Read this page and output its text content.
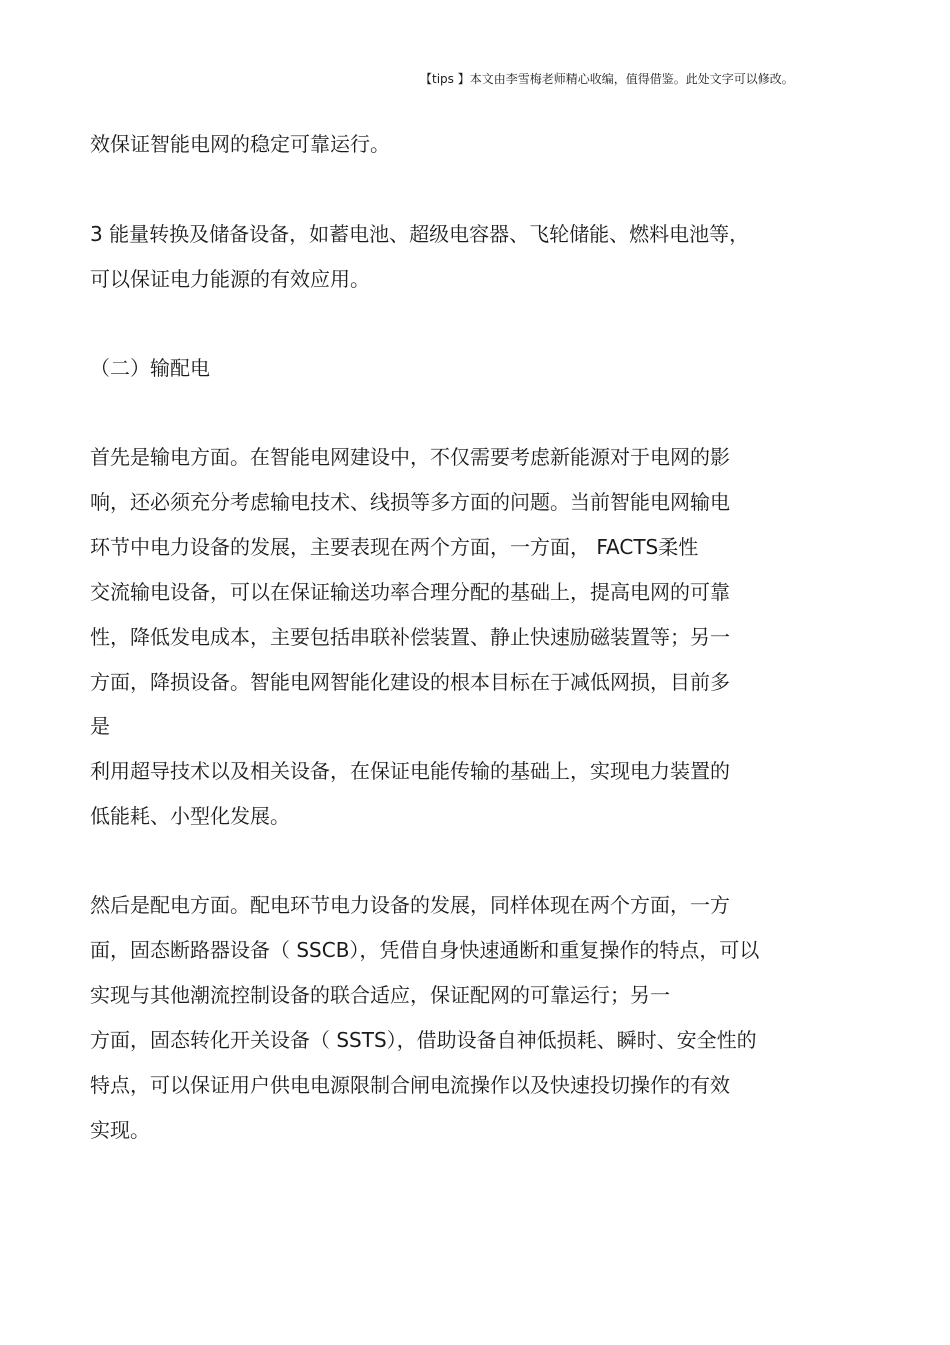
【tips 】本文由李雪梅老师精心收编，值得借鉴。此处文字可以修改。
效保证智能电网的稳定可靠运行。
3 能量转换及储备设备，如蓄电池、超级电容器、飞轮储能、燃料电池等，
可以保证电力能源的有效应用。
（二）输配电
首先是输电方面。在智能电网建设中，不仅需要考虑新能源对于电网的影
响，还必须充分考虑输电技术、线损等多方面的问题。当前智能电网输电
环节中电力设备的发展，主要表现在两个方面，一方面， FACTS柔性
交流输电设备，可以在保证输送功率合理分配的基础上，提高电网的可靠
性，降低发电成本，主要包括串联补偿装置、静止快速励磁装置等；另一
方面，降损设备。智能电网智能化建设的根本目标在于减低网损，目前多
是
利用超导技术以及相关设备，在保证电能传输的基础上，实现电力装置的
低能耗、小型化发展。
然后是配电方面。配电环节电力设备的发展，同样体现在两个方面，一方
面，固态断路器设备（ SSCB），凭借自身快速通断和重复操作的特点，可以
实现与其他潮流控制设备的联合适应，保证配网的可靠运行；另一
方面，固态转化开关设备（ SSTS），借助设备自神低损耗、瞬时、安全性的
特点，可以保证用户供电电源限制合闸电流操作以及快速投切操作的有效
实现。
